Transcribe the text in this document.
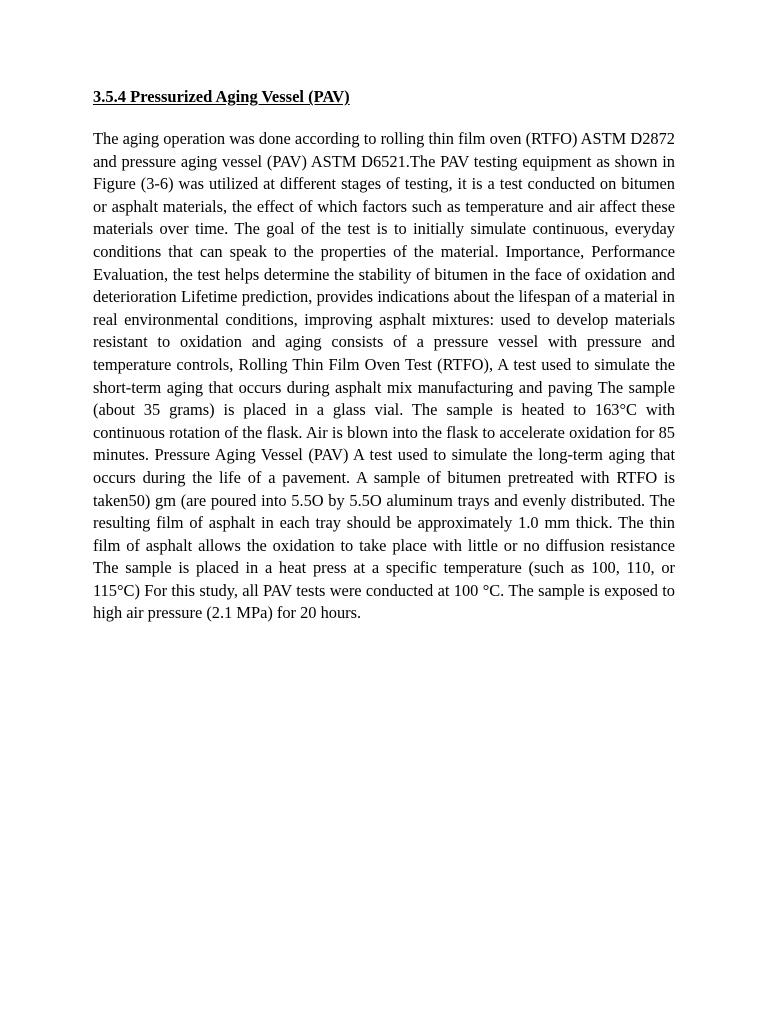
3.5.4 Pressurized Aging Vessel (PAV)

The aging operation was done according to rolling thin film oven (RTFO) ASTM D2872 and pressure aging vessel (PAV) ASTM D6521.The PAV testing equipment as shown in Figure (3-6) was utilized at different stages of testing, it is a test conducted on bitumen or asphalt materials, the effect of which factors such as temperature and air affect these materials over time. The goal of the test is to initially simulate continuous, everyday conditions that can speak to the properties of the material. Importance, Performance Evaluation, the test helps determine the stability of bitumen in the face of oxidation and deterioration Lifetime prediction, provides indications about the lifespan of a material in real environmental conditions, improving asphalt mixtures: used to develop materials resistant to oxidation and aging consists of a pressure vessel with pressure and temperature controls, Rolling Thin Film Oven Test (RTFO), A test used to simulate the short-term aging that occurs during asphalt mix manufacturing and paving The sample (about 35 grams) is placed in a glass vial. The sample is heated to 163°C with continuous rotation of the flask. Air is blown into the flask to accelerate oxidation for 85 minutes. Pressure Aging Vessel (PAV) A test used to simulate the long-term aging that occurs during the life of a pavement. A sample of bitumen pretreated with RTFO is taken50) gm (are poured into 5.5O by 5.5O aluminum trays and evenly distributed. The resulting film of asphalt in each tray should be approximately 1.0 mm thick. The thin film of asphalt allows the oxidation to take place with little or no diffusion resistance The sample is placed in a heat press at a specific temperature (such as 100, 110, or 115°C) For this study, all PAV tests were conducted at 100 °C. The sample is exposed to high air pressure (2.1 MPa) for 20 hours.
